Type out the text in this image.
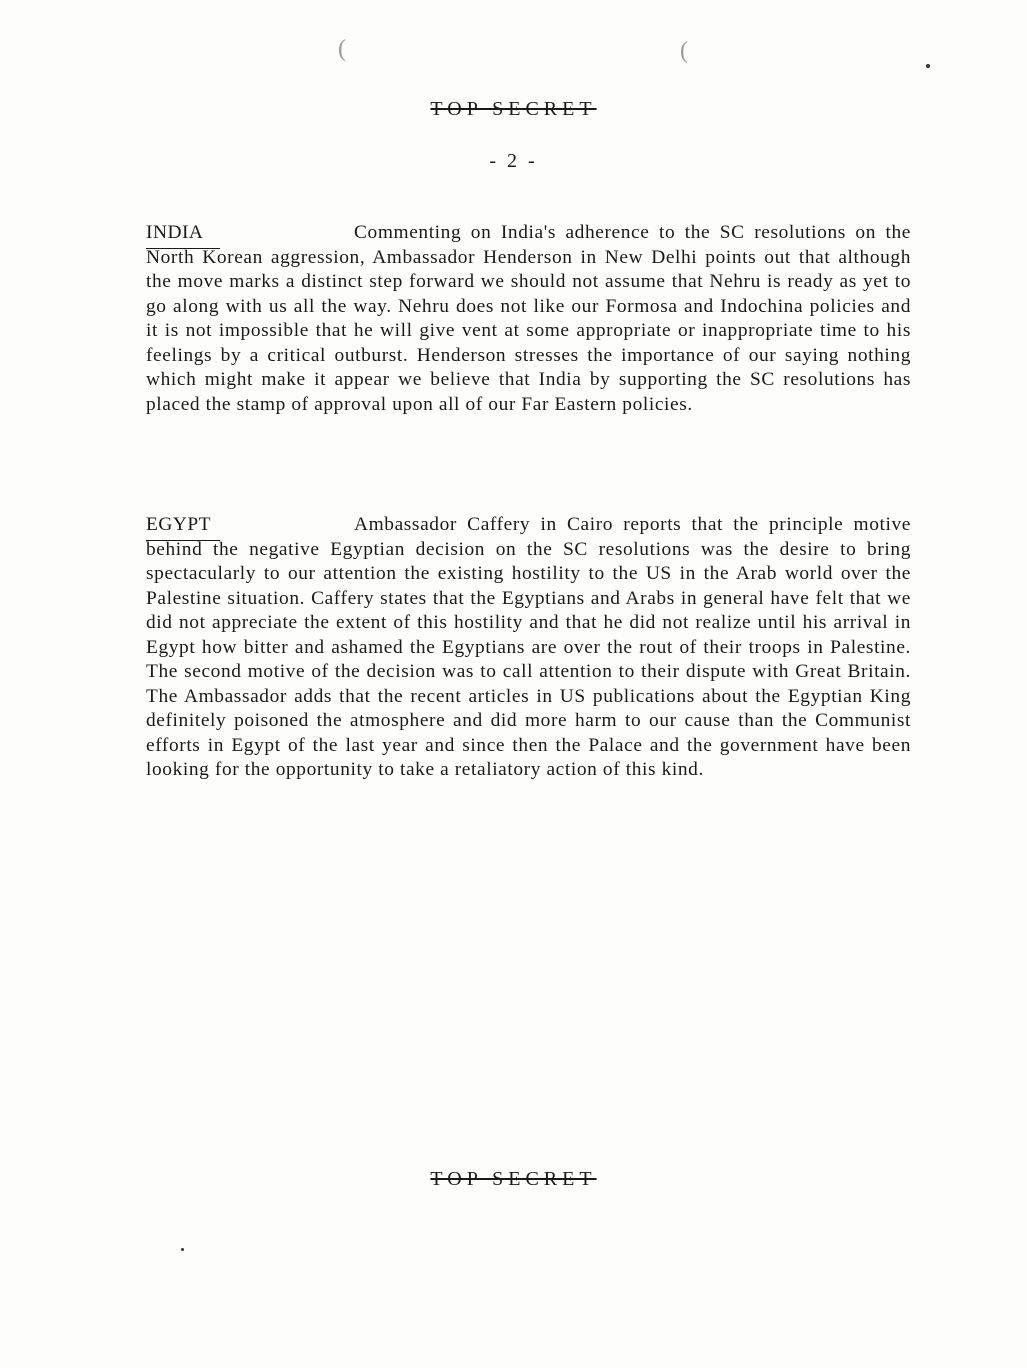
(	(
TOP SECRET
- 2 -
INDIA	Commenting on India's adherence to the SC resolutions on the North Korean aggression, Ambassador Henderson in New Delhi points out that although the move marks a distinct step forward we should not assume that Nehru is ready as yet to go along with us all the way. Nehru does not like our Formosa and Indochina policies and it is not impossible that he will give vent at some appropriate or inappropriate time to his feelings by a critical outburst. Henderson stresses the importance of our saying nothing which might make it appear we believe that India by supporting the SC resolutions has placed the stamp of approval upon all of our Far Eastern policies.

EGYPT	Ambassador Caffery in Cairo reports that the principle motive behind the negative Egyptian decision on the SC resolutions was the desire to bring spectacularly to our attention the existing hostility to the US in the Arab world over the Palestine situation. Caffery states that the Egyptians and Arabs in general have felt that we did not appreciate the extent of this hostility and that he did not realize until his arrival in Egypt how bitter and ashamed the Egyptians are over the rout of their troops in Palestine. The second motive of the decision was to call attention to their dispute with Great Britain. The Ambassador adds that the recent articles in US publications about the Egyptian King definitely poisoned the atmosphere and did more harm to our cause than the Communist efforts in Egypt of the last year and since then the Palace and the government have been looking for the opportunity to take a retaliatory action of this kind.

TOP SECRET
